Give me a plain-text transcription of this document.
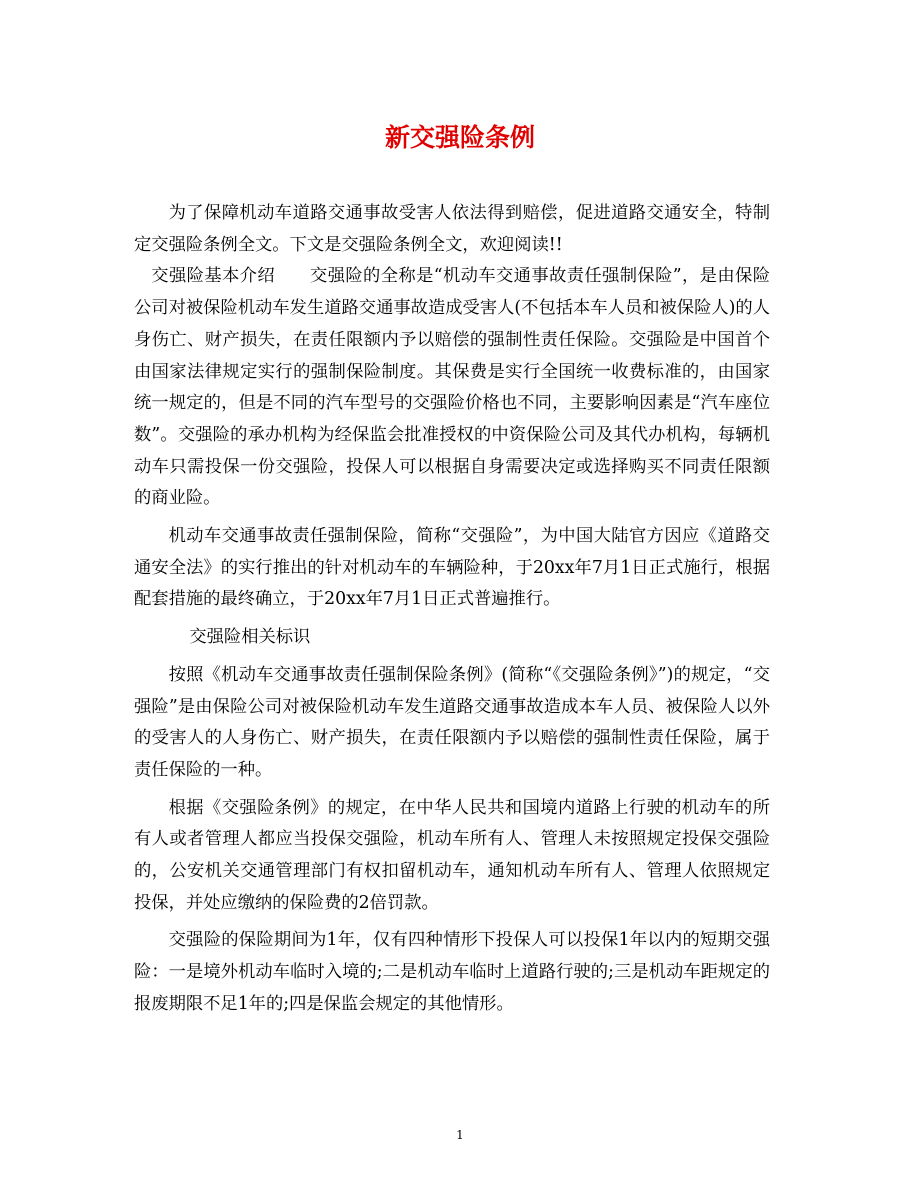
新交强险条例

为了保障机动车道路交通事故受害人依法得到赔偿，促进道路交通安全，特制定交强险条例全文。下文是交强险条例全文，欢迎阅读!!

交强险基本介绍 交强险的全称是“机动车交通事故责任强制保险”，是由保险公司对被保险机动车发生道路交通事故造成受害人(不包括本车人员和被保险人)的人身伤亡、财产损失，在责任限额内予以赔偿的强制性责任保险。交强险是中国首个由国家法律规定实行的强制保险制度。其保费是实行全国统一收费标准的，由国家统一规定的，但是不同的汽车型号的交强险价格也不同，主要影响因素是“汽车座位数”。交强险的承办机构为经保监会批准授权的中资保险公司及其代办机构，每辆机动车只需投保一份交强险，投保人可以根据自身需要决定或选择购买不同责任限额的商业险。

机动车交通事故责任强制保险，简称“交强险”，为中国大陆官方因应《道路交通安全法》的实行推出的针对机动车的车辆险种，于20xx年7月1日正式施行，根据配套措施的最终确立，于20xx年7月1日正式普遍推行。

交强险相关标识

按照《机动车交通事故责任强制保险条例》(简称“《交强险条例》”)的规定，“交强险”是由保险公司对被保险机动车发生道路交通事故造成本车人员、被保险人以外的受害人的人身伤亡、财产损失，在责任限额内予以赔偿的强制性责任保险，属于责任保险的一种。

根据《交强险条例》的规定，在中华人民共和国境内道路上行驶的机动车的所有人或者管理人都应当投保交强险，机动车所有人、管理人未按照规定投保交强险的，公安机关交通管理部门有权扣留机动车，通知机动车所有人、管理人依照规定投保，并处应缴纳的保险费的2倍罚款。

交强险的保险期间为1年，仅有四种情形下投保人可以投保1年以内的短期交强险：一是境外机动车临时入境的;二是机动车临时上道路行驶的;三是机动车距规定的报废期限不足1年的;四是保监会规定的其他情形。

1
